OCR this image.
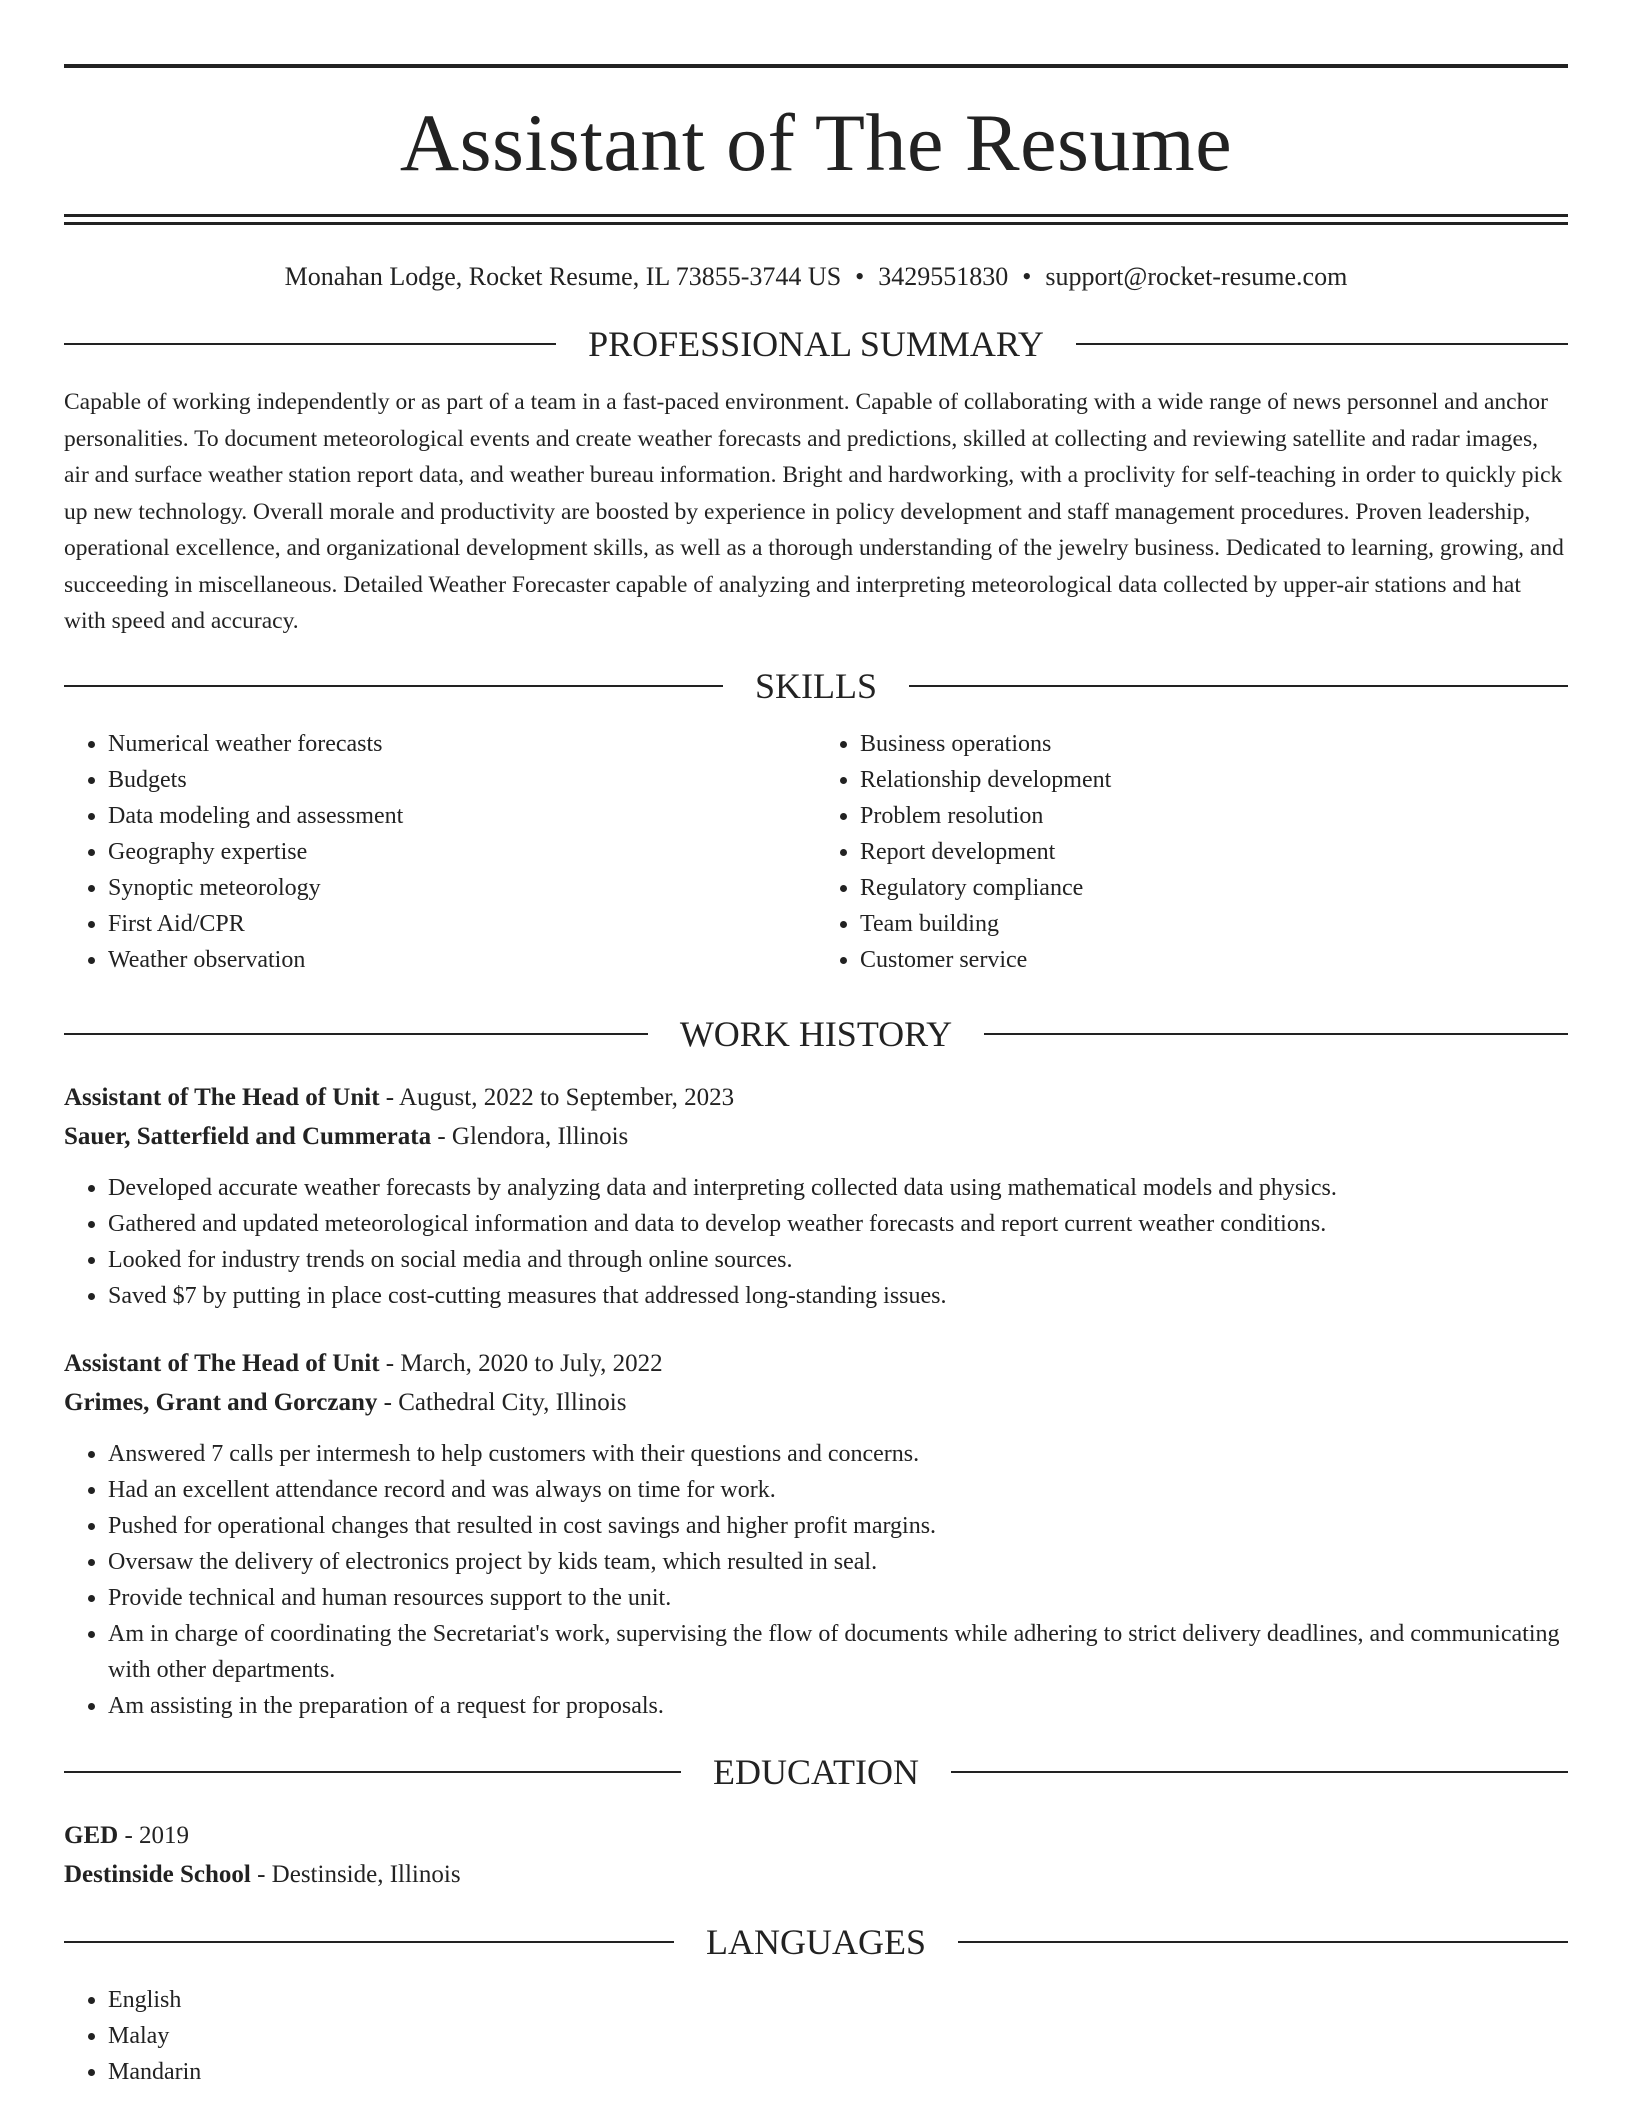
Assistant of The Resume
Monahan Lodge, Rocket Resume, IL 73855-3744 US • 3429551830 • support@rocket-resume.com
PROFESSIONAL SUMMARY

Capable of working independently or as part of a team in a fast-paced environment. Capable of collaborating with a wide range of news personnel and anchor personalities. To document meteorological events and create weather forecasts and predictions, skilled at collecting and reviewing satellite and radar images, air and surface weather station report data, and weather bureau information. Bright and hardworking, with a proclivity for self-teaching in order to quickly pick up new technology. Overall morale and productivity are boosted by experience in policy development and staff management procedures. Proven leadership, operational excellence, and organizational development skills, as well as a thorough understanding of the jewelry business. Dedicated to learning, growing, and succeeding in miscellaneous. Detailed Weather Forecaster capable of analyzing and interpreting meteorological data collected by upper-air stations and hat with speed and accuracy.

SKILLS
• Numerical weather forecasts
• Budgets
• Data modeling and assessment
• Geography expertise
• Synoptic meteorology
• First Aid/CPR
• Weather observation
• Business operations
• Relationship development
• Problem resolution
• Report development
• Regulatory compliance
• Team building
• Customer service
WORK HISTORY
Assistant of The Head of Unit - August, 2022 to September, 2023
Sauer, Satterfield and Cummerata - Glendora, Illinois
• Developed accurate weather forecasts by analyzing data and interpreting collected data using mathematical models and physics.
• Gathered and updated meteorological information and data to develop weather forecasts and report current weather conditions.
• Looked for industry trends on social media and through online sources.
• Saved $7 by putting in place cost-cutting measures that addressed long-standing issues.
Assistant of The Head of Unit - March, 2020 to July, 2022
Grimes, Grant and Gorczany - Cathedral City, Illinois
• Answered 7 calls per intermesh to help customers with their questions and concerns.
• Had an excellent attendance record and was always on time for work.
• Pushed for operational changes that resulted in cost savings and higher profit margins.
• Oversaw the delivery of electronics project by kids team, which resulted in seal.
• Provide technical and human resources support to the unit.
• Am in charge of coordinating the Secretariat's work, supervising the flow of documents while adhering to strict delivery deadlines, and communicating with other departments.
• Am assisting in the preparation of a request for proposals.
EDUCATION
GED - 2019
Destinside School - Destinside, Illinois
LANGUAGES
• English
• Malay
• Mandarin
